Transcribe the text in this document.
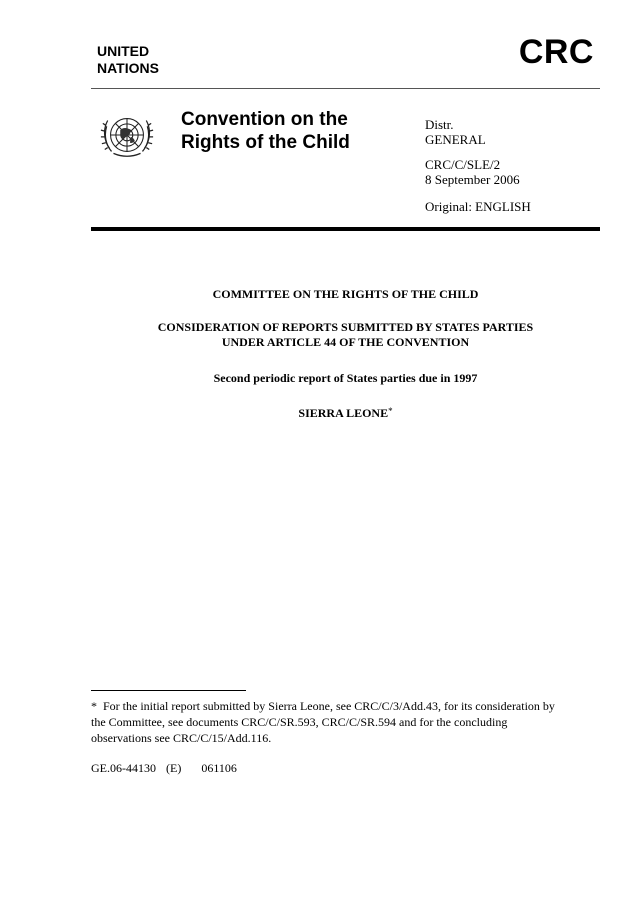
UNITED
NATIONS	CRC
Convention on the
Rights of the Child
Distr.
GENERAL
CRC/C/SLE/2
8 September 2006
Original: ENGLISH
COMMITTEE ON THE RIGHTS OF THE CHILD
CONSIDERATION OF REPORTS SUBMITTED BY STATES PARTIES
UNDER ARTICLE 44 OF THE CONVENTION
Second periodic report of States parties due in 1997
SIERRA LEONE*
* For the initial report submitted by Sierra Leone, see CRC/C/3/Add.43, for its consideration by
the Committee, see documents CRC/C/SR.593, CRC/C/SR.594 and for the concluding
observations see CRC/C/15/Add.116.
GE.06-44130  (E)    061106
